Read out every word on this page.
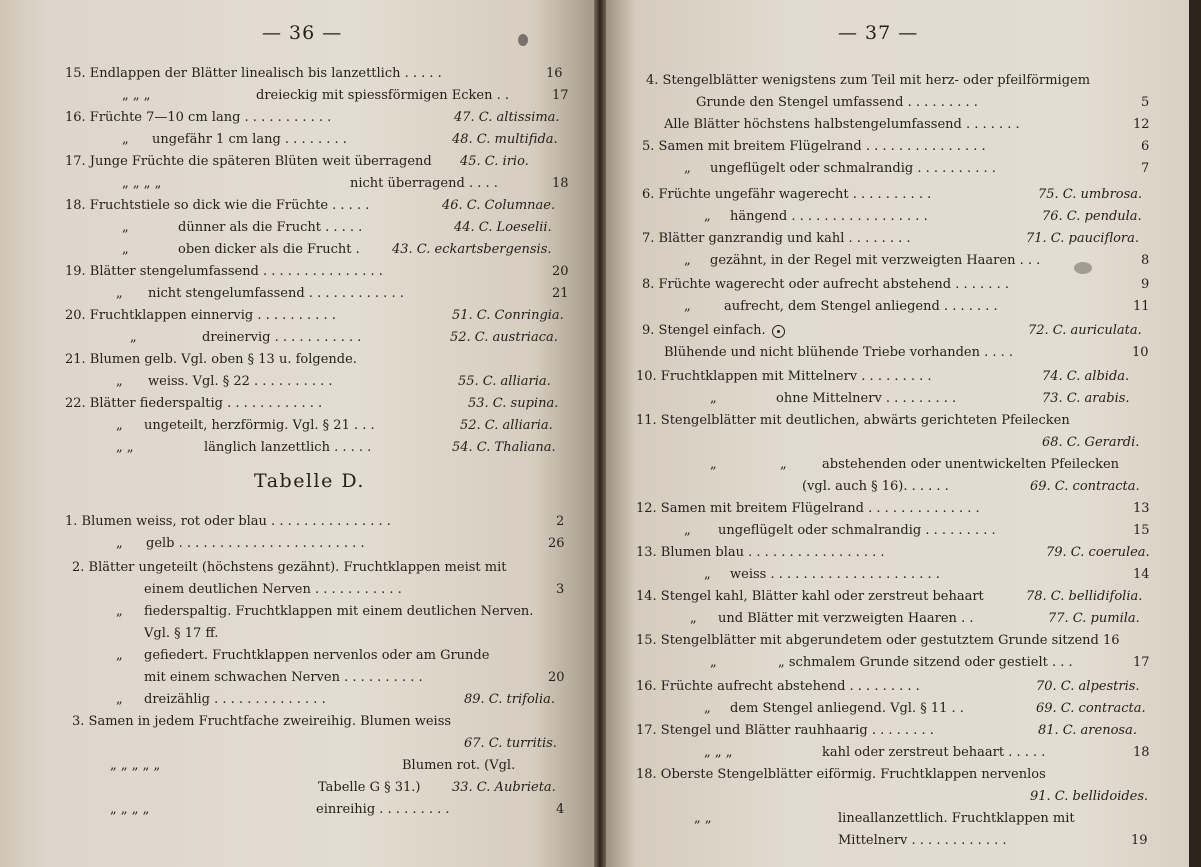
— 36 —
Tabelle D.
15. Endlappen der Blätter linealisch bis lanzettlich . . . . .	16
„ „ „	dreieckig mit spiessförmigen Ecken . .	17
16. Früchte 7—10 cm lang . . . . . . . . . . .	47. C. altissima.
„ ungefähr 1 cm lang . . . . . . . .	48. C. multifida.
17. Junge Früchte die späteren Blüten weit überragend 45. C. irio.
„ „ „ „	nicht überragend . . . .	18
18. Fruchtstiele so dick wie die Früchte . . . . .	46. C. Columnae.
„	dünner als die Frucht . . . . .	44. C. Loeselii.
„	oben dicker als die Frucht . 43. C. eckartsbergensis.
19. Blätter stengelumfassend . . . . . . . . . . . . . . .	20
„ nicht stengelumfassend . . . . . . . . . . . .	21
20. Fruchtklappen einnervig . . . . . . . . . .	51. C. Conringia.
„	dreinervig . . . . . . . . . . .	52. C. austriaca.
21. Blumen gelb. Vgl. oben § 13 u. folgende.
„ weiss. Vgl. § 22 . . . . . . . . . .	55. C. alliaria.
22. Blätter fiederspaltig . . . . . . . . . . . .	53. C. supina.
„ ungeteilt, herzförmig. Vgl. § 21 . . .	52. C. alliaria.
„ „	länglich lanzettlich . . . . .	54. C. Thaliana.
1. Blumen weiss, rot oder blau . . . . . . . . . . . . . . .	2
„ gelb . . . . . . . . . . . . . . . . . . . . . . .	26
2. Blätter ungeteilt (höchstens gezähnt). Fruchtklappen meist mit
einem deutlichen Nerven . . . . . . . . . . .	3
„ fiederspaltig. Fruchtklappen mit einem deutlichen Nerven.
Vgl. § 17 ff.
„ gefiedert. Fruchtklappen nervenlos oder am Grunde
mit einem schwachen Nerven . . . . . . . . . .	20
„ dreizählig . . . . . . . . . . . . . .	89. C. trifolia.
3. Samen in jedem Fruchtfache zweireihig. Blumen weiss
67. C. turritis.
„ „ „ „ „	Blumen rot. (Vgl.
Tabelle G § 31.) 33. C. Aubrieta.
„ „ „ „	einreihig . . . . . . . . .	4
— 37 —
4. Stengelblätter wenigstens zum Teil mit herz- oder pfeilförmigem
Grunde den Stengel umfassend . . . . . . . . .	5
Alle Blätter höchstens halbstengelumfassend . . . . . . .	12
5. Samen mit breitem Flügelrand . . . . . . . . . . . . . . .	6
„ ungeflügelt oder schmalrandig . . . . . . . . . .	7
6. Früchte ungefähr wagerecht . . . . . . . . . .	75. C. umbrosa.
„ hängend . . . . . . . . . . . . . . . . .	76. C. pendula.
7. Blätter ganzrandig und kahl . . . . . . . .	71. C. pauciflora.
„ gezähnt, in der Regel mit verzweigten Haaren . . .	8
8. Früchte wagerecht oder aufrecht abstehend . . . . . . .	9
„	aufrecht, dem Stengel anliegend . . . . . . .	11
9. Stengel einfach.	72. C. auriculata.
Blühende und nicht blühende Triebe vorhanden . . . .	10
10. Fruchtklappen mit Mittelnerv . . . . . . . . .	74. C. albida.
„	ohne Mittelnerv . . . . . . . . .	73. C. arabis.
11. Stengelblätter mit deutlichen, abwärts gerichteten Pfeilecken
68. C. Gerardi.
„	„	abstehenden oder unentwickelten Pfeilecken
(vgl. auch § 16). . . . . .	69. C. contracta.
12. Samen mit breitem Flügelrand . . . . . . . . . . . . . .	13
„ ungeflügelt oder schmalrandig . . . . . . . . .	15
13. Blumen blau . . . . . . . . . . . . . . . . .	79. C. coerulea.
„ weiss . . . . . . . . . . . . . . . . . . . . .	14
14. Stengel kahl, Blätter kahl oder zerstreut behaart	78. C. bellidifolia.
„ und Blätter mit verzweigten Haaren . .	77. C. pumila.
15. Stengelblätter mit abgerundetem oder gestutztem Grunde sitzend 16
„	„ schmalem Grunde sitzend oder gestielt . . .	17
16. Früchte aufrecht abstehend . . . . . . . . .	70. C. alpestris.
„ dem Stengel anliegend. Vgl. § 11 . .	69. C. contracta.
17. Stengel und Blätter rauhhaarig . . . . . . . .	81. C. arenosa.
„ „ „	kahl oder zerstreut behaart . . . . .	18
18. Oberste Stengelblätter eiförmig. Fruchtklappen nervenlos
91. C. bellidoides.
„ „	lineallanzettlich. Fruchtklappen mit
Mittelnerv . . . . . . . . . . . .	19
